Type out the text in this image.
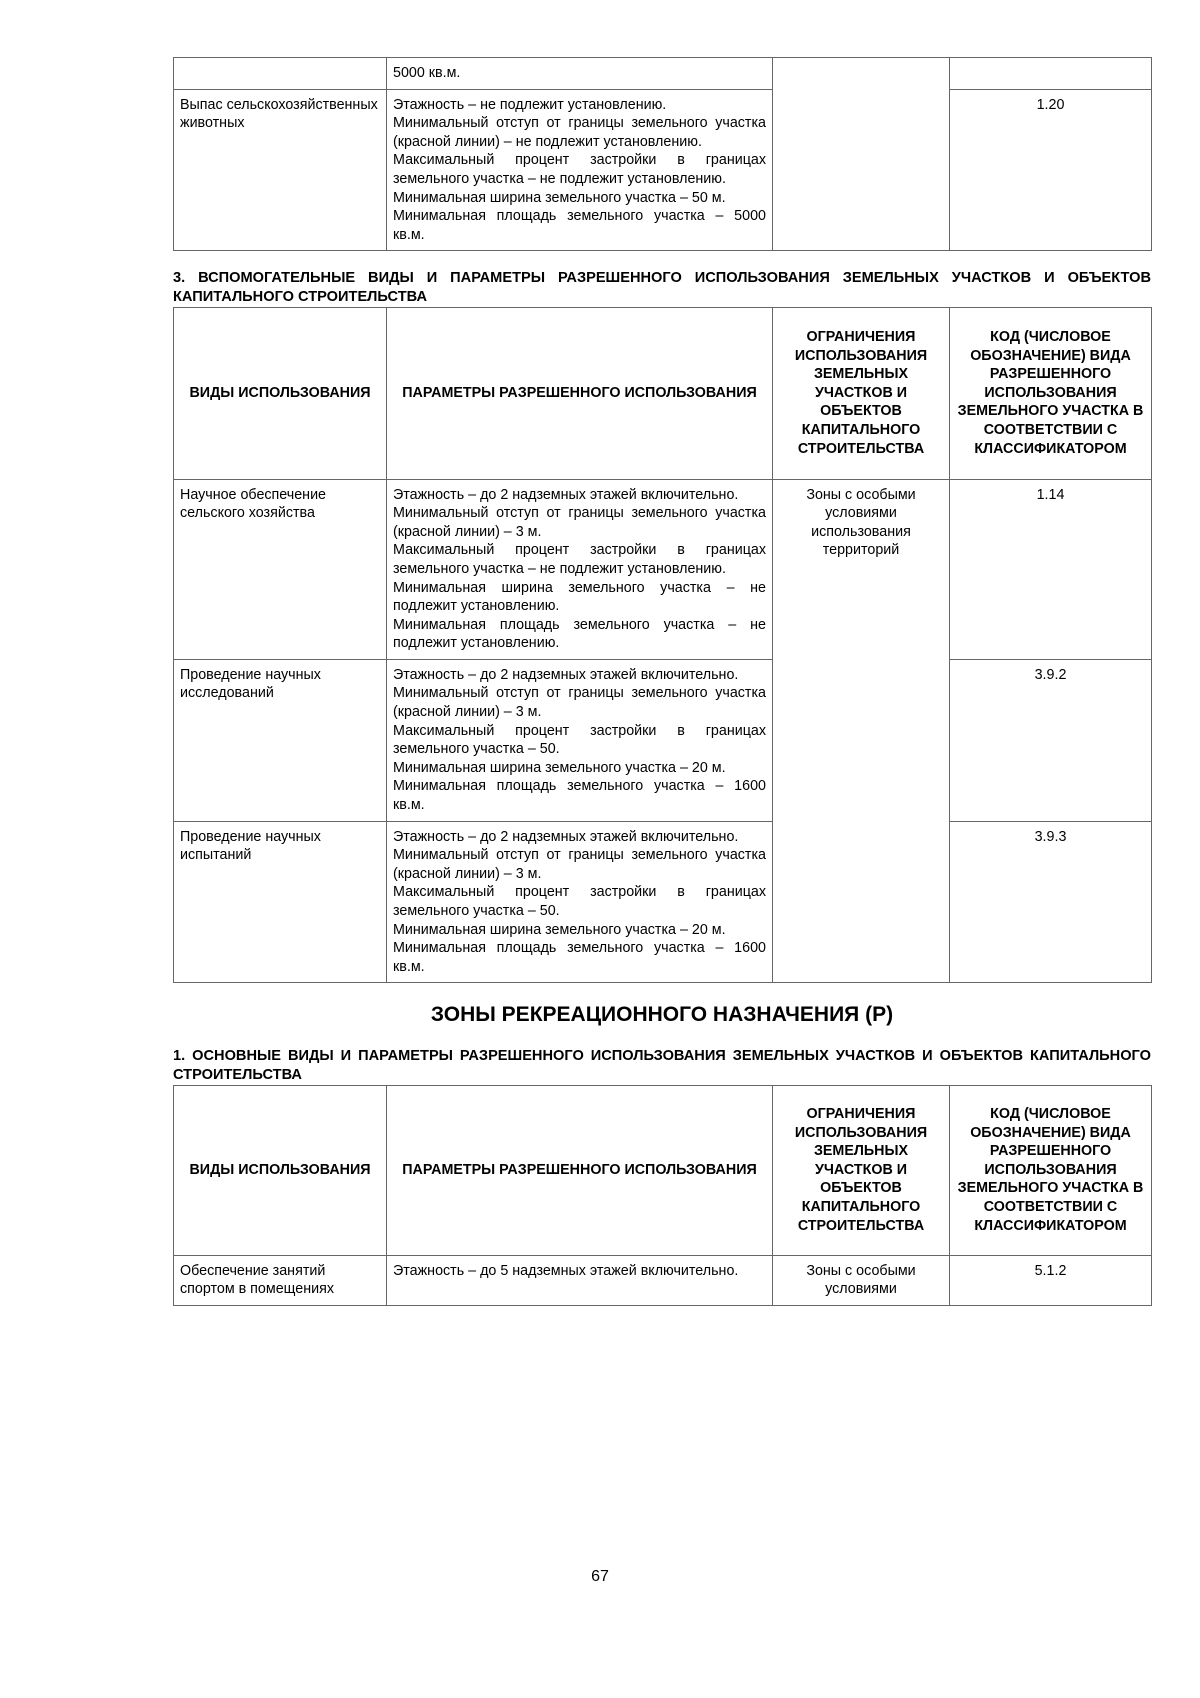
	5000 кв.м.		

Выпас сельскохозяйственных животных	Этажность – не подлежит установлению.
Минимальный отступ от границы земельного участка (красной линии) – не подлежит установлению.
Максимальный процент застройки в границах земельного участка – не подлежит установлению.
Минимальная ширина земельного участка – 50 м.
Минимальная площадь земельного участка – 5000 кв.м.		1.20

3. ВСПОМОГАТЕЛЬНЫЕ ВИДЫ И ПАРАМЕТРЫ РАЗРЕШЕННОГО ИСПОЛЬЗОВАНИЯ ЗЕМЕЛЬНЫХ УЧАСТКОВ И ОБЪЕКТОВ КАПИТАЛЬНОГО СТРОИТЕЛЬСТВА

ВИДЫ ИСПОЛЬЗОВАНИЯ	ПАРАМЕТРЫ РАЗРЕШЕННОГО ИСПОЛЬЗОВАНИЯ	ОГРАНИЧЕНИЯ ИСПОЛЬЗОВАНИЯ ЗЕМЕЛЬНЫХ УЧАСТКОВ И ОБЪЕКТОВ КАПИТАЛЬНОГО СТРОИТЕЛЬСТВА	КОД (ЧИСЛОВОЕ ОБОЗНАЧЕНИЕ) ВИДА РАЗРЕШЕННОГО ИСПОЛЬЗОВАНИЯ ЗЕМЕЛЬНОГО УЧАСТКА В СООТВЕТСТВИИ С КЛАССИФИКАТОРОМ
Научное обеспечение сельского хозяйства	Этажность – до 2 надземных этажей включительно.
Минимальный отступ от границы земельного участка (красной линии) – 3 м.
Максимальный процент застройки в границах земельного участка – не подлежит установлению.
Минимальная ширина земельного участка – не подлежит установлению.
Минимальная площадь земельного участка – не подлежит установлению.	Зоны с особыми условиями использования территорий	1.14
Проведение научных исследований	Этажность – до 2 надземных этажей включительно.
Минимальный отступ от границы земельного участка (красной линии) – 3 м.
Максимальный процент застройки в границах земельного участка – 50.
Минимальная ширина земельного участка – 20 м.
Минимальная площадь земельного участка – 1600 кв.м.		3.9.2
Проведение научных испытаний	Этажность – до 2 надземных этажей включительно.
Минимальный отступ от границы земельного участка (красной линии) – 3 м.
Максимальный процент застройки в границах земельного участка – 50.
Минимальная ширина земельного участка – 20 м.
Минимальная площадь земельного участка – 1600 кв.м.		3.9.3

ЗОНЫ РЕКРЕАЦИОННОГО НАЗНАЧЕНИЯ (Р)

1. ОСНОВНЫЕ ВИДЫ И ПАРАМЕТРЫ РАЗРЕШЕННОГО ИСПОЛЬЗОВАНИЯ ЗЕМЕЛЬНЫХ УЧАСТКОВ И ОБЪЕКТОВ КАПИТАЛЬНОГО СТРОИТЕЛЬСТВА

ВИДЫ ИСПОЛЬЗОВАНИЯ	ПАРАМЕТРЫ РАЗРЕШЕННОГО ИСПОЛЬЗОВАНИЯ	ОГРАНИЧЕНИЯ ИСПОЛЬЗОВАНИЯ ЗЕМЕЛЬНЫХ УЧАСТКОВ И ОБЪЕКТОВ КАПИТАЛЬНОГО СТРОИТЕЛЬСТВА	КОД (ЧИСЛОВОЕ ОБОЗНАЧЕНИЕ) ВИДА РАЗРЕШЕННОГО ИСПОЛЬЗОВАНИЯ ЗЕМЕЛЬНОГО УЧАСТКА В СООТВЕТСТВИИ С КЛАССИФИКАТОРОМ
Обеспечение занятий спортом в помещениях	Этажность – до 5 надземных этажей включительно.	Зоны с особыми условиями	5.1.2
67
